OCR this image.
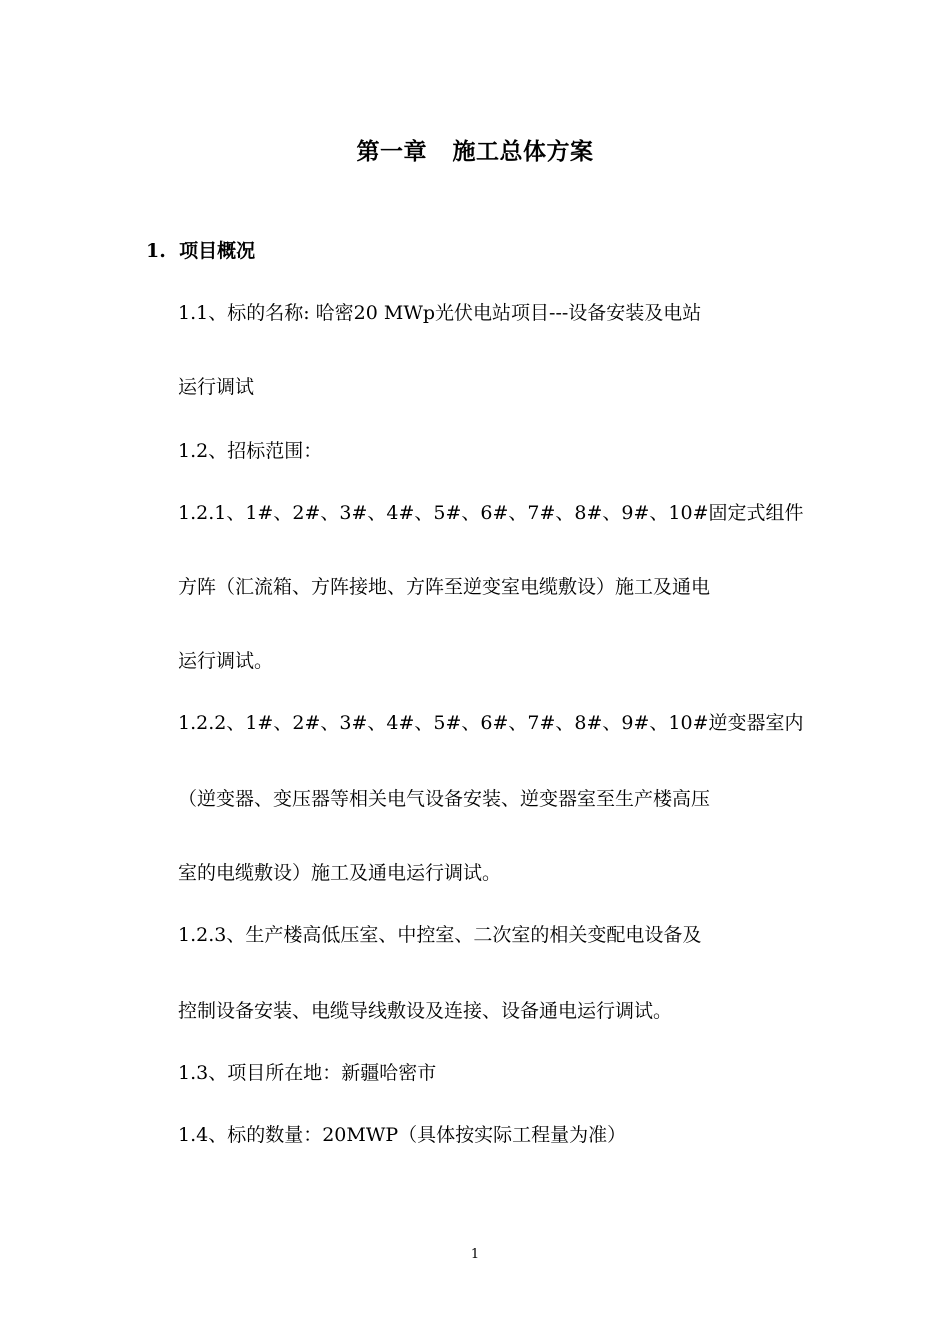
第一章   施工总体方案
1.  项目概况
1.1、标的名称: 哈密20 MWp光伏电站项目---设备安装及电站
运行调试
1.2、招标范围：
1.2.1、1#、2#、3#、4#、5#、6#、7#、8#、9#、10#固定式组件
方阵（汇流箱、方阵接地、方阵至逆变室电缆敷设）施工及通电
运行调试。
1.2.2、1#、2#、3#、4#、5#、6#、7#、8#、9#、10#逆变器室内
（逆变器、变压器等相关电气设备安装、逆变器室至生产楼高压
室的电缆敷设）施工及通电运行调试。
1.2.3、生产楼高低压室、中控室、二次室的相关变配电设备及
控制设备安装、电缆导线敷设及连接、设备通电运行调试。
1.3、项目所在地：新疆哈密市
1.4、标的数量：20MWP（具体按实际工程量为准）
1
